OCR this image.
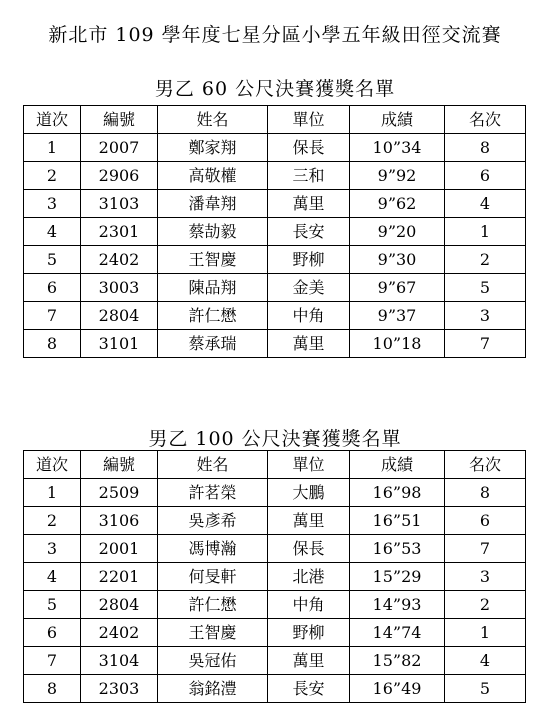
新北市 109 學年度七星分區小學五年級田徑交流賽
男乙 60 公尺決賽獲獎名單
道次	編號	姓名	單位	成績	名次
1	2007	鄭家翔	保長	10”34	8
2	2906	高敬權	三和	9”92	6
3	3103	潘韋翔	萬里	9”62	4
4	2301	蔡劼毅	長安	9”20	1
5	2402	王智慶	野柳	9”30	2
6	3003	陳品翔	金美	9”67	5
7	2804	許仁懋	中角	9”37	3
8	3101	蔡承瑞	萬里	10”18	7
男乙 100 公尺決賽獲獎名單
道次	編號	姓名	單位	成績	名次
1	2509	許茗榮	大鵬	16”98	8
2	3106	吳彥希	萬里	16”51	6
3	2001	馮博瀚	保長	16”53	7
4	2201	何旻軒	北港	15”29	3
5	2804	許仁懋	中角	14”93	2
6	2402	王智慶	野柳	14”74	1
7	3104	吳冠佑	萬里	15”82	4
8	2303	翁銘澧	長安	16”49	5
